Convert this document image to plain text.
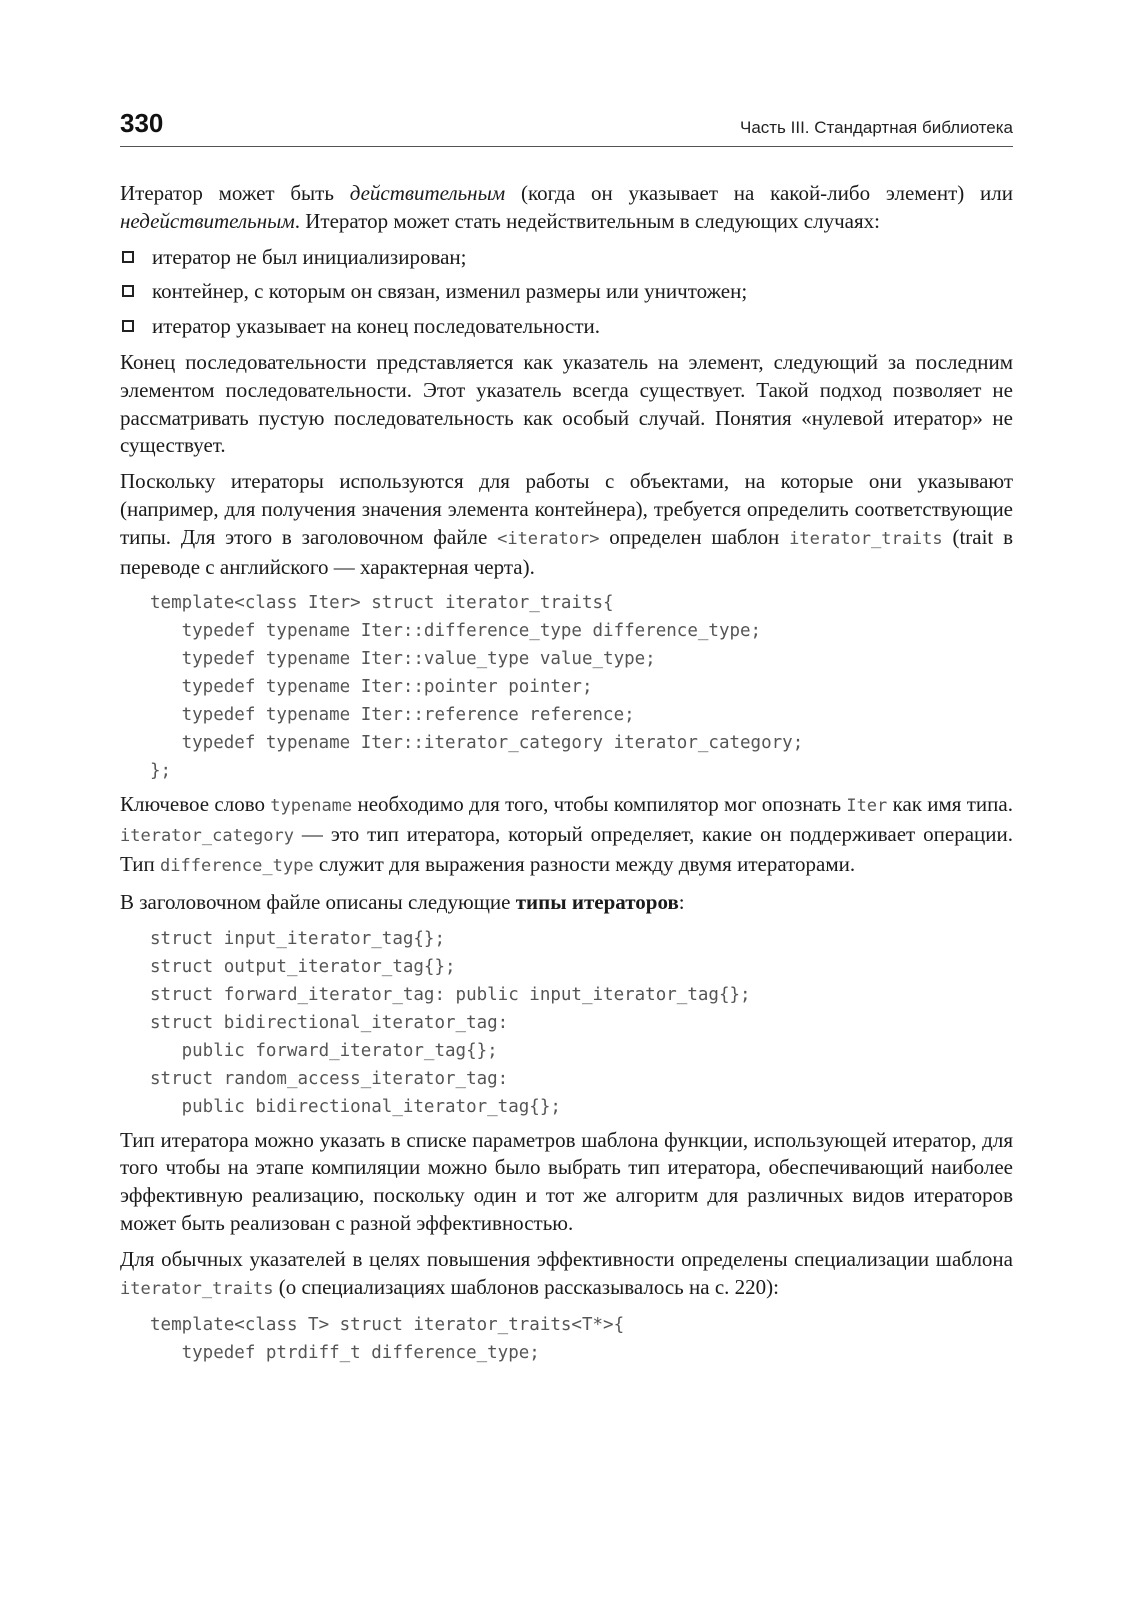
330	Часть III. Стандартная библиотека

Итератор может быть действительным (когда он указывает на какой-либо элемент) или недействительным. Итератор может стать недействительным в следующих случаях:

итератор не был инициализирован;
контейнер, с которым он связан, изменил размеры или уничтожен;
итератор указывает на конец последовательности.

Конец последовательности представляется как указатель на элемент, следующий за последним элементом последовательности. Этот указатель всегда существует. Такой подход позволяет не рассматривать пустую последовательность как особый случай. Понятия «нулевой итератор» не существует.

Поскольку итераторы используются для работы с объектами, на которые они указывают (например, для получения значения элемента контейнера), требуется определить соответствующие типы. Для этого в заголовочном файле <iterator> определен шаблон iterator_traits (trait в переводе с английского — характерная черта).

template<class Iter> struct iterator_traits{
typedef typename Iter::difference_type difference_type;
typedef typename Iter::value_type value_type;
typedef typename Iter::pointer pointer;
typedef typename Iter::reference reference;
typedef typename Iter::iterator_category iterator_category;
};

Ключевое слово typename необходимо для того, чтобы компилятор мог опознать Iter как имя типа. iterator_category — это тип итератора, который определяет, какие он поддерживает операции. Тип difference_type служит для выражения разности между двумя итераторами.

В заголовочном файле описаны следующие типы итераторов:

struct input_iterator_tag{};
struct output_iterator_tag{};
struct forward_iterator_tag: public input_iterator_tag{};
struct bidirectional_iterator_tag:
public forward_iterator_tag{};
struct random_access_iterator_tag:
public bidirectional_iterator_tag{};

Тип итератора можно указать в списке параметров шаблона функции, использующей итератор, для того чтобы на этапе компиляции можно было выбрать тип итератора, обеспечивающий наиболее эффективную реализацию, поскольку один и тот же алгоритм для различных видов итераторов может быть реализован с разной эффективностью.

Для обычных указателей в целях повышения эффективности определены специализации шаблона iterator_traits (о специализациях шаблонов рассказывалось на с. 220):

template<class T> struct iterator_traits<T*>{
typedef ptrdiff_t difference_type;
